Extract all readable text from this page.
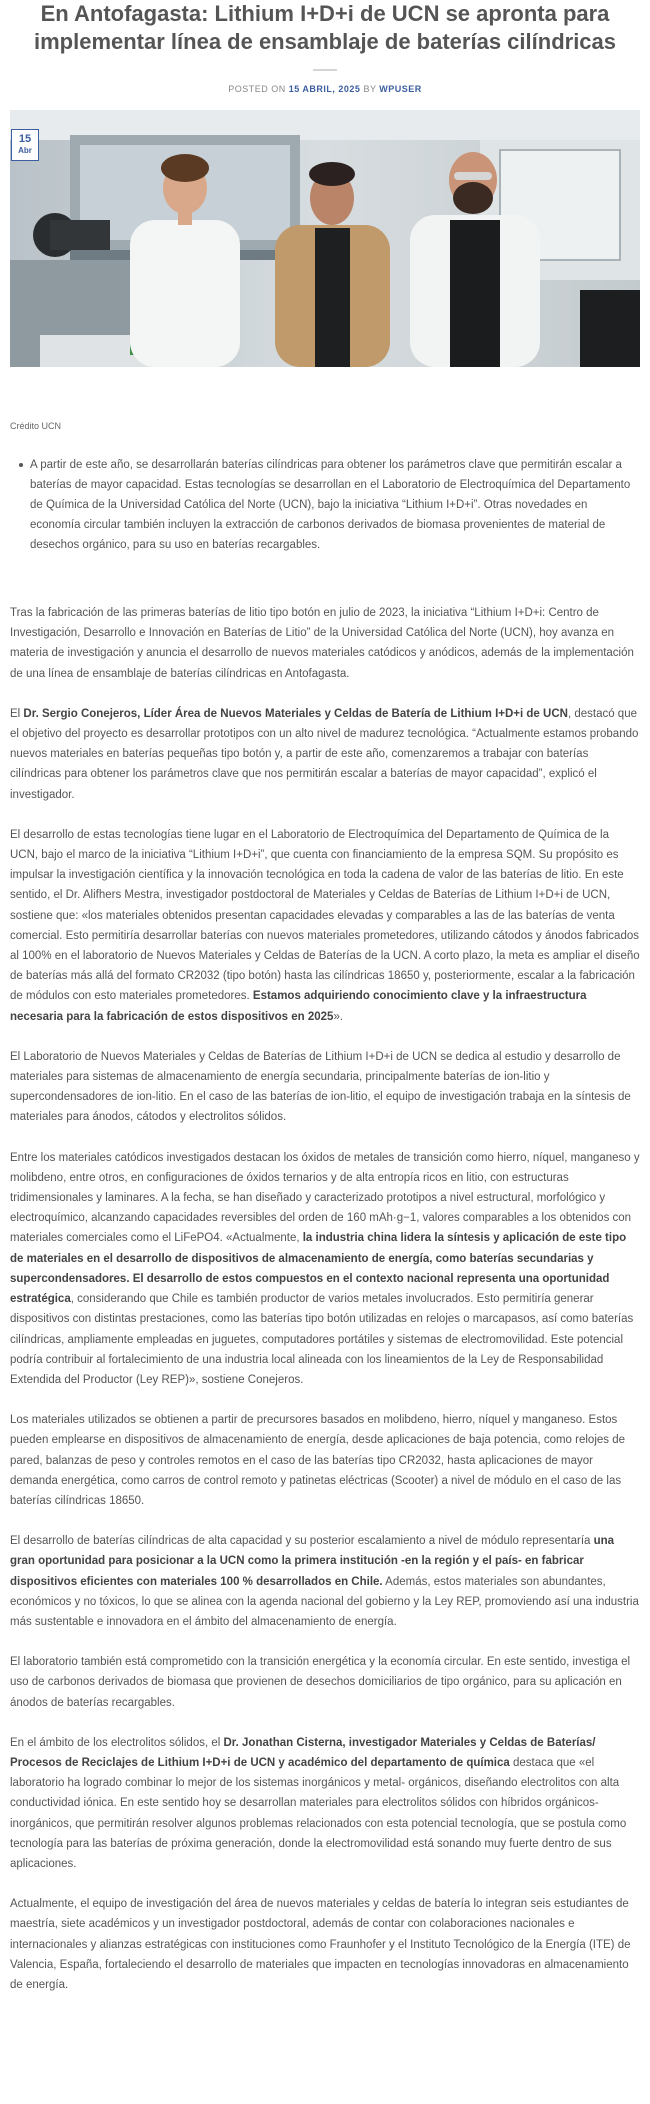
En Antofagasta: Lithium I+D+i de UCN se apronta para implementar línea de ensamblaje de baterías cilíndricas
POSTED ON 15 ABRIL, 2025 BY WPUSER
15
Abr

Crédito UCN

A partir de este año, se desarrollarán baterías cilíndricas para obtener los parámetros clave que permitirán escalar a baterías de mayor capacidad. Estas tecnologías se desarrollan en el Laboratorio de Electroquímica del Departamento de Química de la Universidad Católica del Norte (UCN), bajo la iniciativa “Lithium I+D+i”. Otras novedades en economía circular también incluyen la extracción de carbonos derivados de biomasa provenientes de material de desechos orgánico, para su uso en baterías recargables.

Tras la fabricación de las primeras baterías de litio tipo botón en julio de 2023, la iniciativa “Lithium I+D+i: Centro de Investigación, Desarrollo e Innovación en Baterías de Litio” de la Universidad Católica del Norte (UCN), hoy avanza en materia de investigación y anuncia el desarrollo de nuevos materiales catódicos y anódicos, además de la implementación de una línea de ensamblaje de baterías cilíndricas en Antofagasta.

El Dr. Sergio Conejeros, Líder Área de Nuevos Materiales y Celdas de Batería de Lithium I+D+i de UCN, destacó que el objetivo del proyecto es desarrollar prototipos con un alto nivel de madurez tecnológica. “Actualmente estamos probando nuevos materiales en baterías pequeñas tipo botón y, a partir de este año, comenzaremos a trabajar con baterías cilíndricas para obtener los parámetros clave que nos permitirán escalar a baterías de mayor capacidad”, explicó el investigador.

El desarrollo de estas tecnologías tiene lugar en el Laboratorio de Electroquímica del Departamento de Química de la UCN, bajo el marco de la iniciativa “Lithium I+D+i”, que cuenta con financiamiento de la empresa SQM. Su propósito es impulsar la investigación científica y la innovación tecnológica en toda la cadena de valor de las baterías de litio. En este sentido, el Dr. Alifhers Mestra, investigador postdoctoral de Materiales y Celdas de Baterías de Lithium I+D+i de UCN, sostiene que: «los materiales obtenidos presentan capacidades elevadas y comparables a las de las baterías de venta comercial. Esto permitiría desarrollar baterías con nuevos materiales prometedores, utilizando cátodos y ánodos fabricados al 100% en el laboratorio de Nuevos Materiales y Celdas de Baterías de la UCN. A corto plazo, la meta es ampliar el diseño de baterías más allá del formato CR2032 (tipo botón) hasta las cilíndricas 18650 y, posteriormente, escalar a la fabricación de módulos con esto materiales prometedores. Estamos adquiriendo conocimiento clave y la infraestructura necesaria para la fabricación de estos dispositivos en 2025».

El Laboratorio de Nuevos Materiales y Celdas de Baterías de Lithium I+D+i de UCN se dedica al estudio y desarrollo de materiales para sistemas de almacenamiento de energía secundaria, principalmente baterías de ion-litio y supercondensadores de ion-litio. En el caso de las baterías de ion-litio, el equipo de investigación trabaja en la síntesis de materiales para ánodos, cátodos y electrolitos sólidos.

Entre los materiales catódicos investigados destacan los óxidos de metales de transición como hierro, níquel, manganeso y molibdeno, entre otros, en configuraciones de óxidos ternarios y de alta entropía ricos en litio, con estructuras tridimensionales y laminares. A la fecha, se han diseñado y caracterizado prototipos a nivel estructural, morfológico y electroquímico, alcanzando capacidades reversibles del orden de 160 mAh·g−1, valores comparables a los obtenidos con materiales comerciales como el LiFePO4. «Actualmente, la industria china lidera la síntesis y aplicación de este tipo de materiales en el desarrollo de dispositivos de almacenamiento de energía, como baterías secundarias y supercondensadores. El desarrollo de estos compuestos en el contexto nacional representa una oportunidad estratégica, considerando que Chile es también productor de varios metales involucrados. Esto permitiría generar dispositivos con distintas prestaciones, como las baterías tipo botón utilizadas en relojes o marcapasos, así como baterías cilíndricas, ampliamente empleadas en juguetes, computadores portátiles y sistemas de electromovilidad. Este potencial podría contribuir al fortalecimiento de una industria local alineada con los lineamientos de la Ley de Responsabilidad Extendida del Productor (Ley REP)», sostiene Conejeros.

Los materiales utilizados se obtienen a partir de precursores basados en molibdeno, hierro, níquel y manganeso. Estos pueden emplearse en dispositivos de almacenamiento de energía, desde aplicaciones de baja potencia, como relojes de pared, balanzas de peso y controles remotos en el caso de las baterías tipo CR2032, hasta aplicaciones de mayor demanda energética, como carros de control remoto y patinetas eléctricas (Scooter) a nivel de módulo en el caso de las baterías cilíndricas 18650.

El desarrollo de baterías cilíndricas de alta capacidad y su posterior escalamiento a nivel de módulo representaría una gran oportunidad para posicionar a la UCN como la primera institución -en la región y el país- en fabricar dispositivos eficientes con materiales 100 % desarrollados en Chile. Además, estos materiales son abundantes, económicos y no tóxicos, lo que se alinea con la agenda nacional del gobierno y la Ley REP, promoviendo así una industria más sustentable e innovadora en el ámbito del almacenamiento de energía.

El laboratorio también está comprometido con la transición energética y la economía circular. En este sentido, investiga el uso de carbonos derivados de biomasa que provienen de desechos domiciliarios de tipo orgánico, para su aplicación en ánodos de baterías recargables.

En el ámbito de los electrolitos sólidos, el Dr. Jonathan Cisterna, investigador Materiales y Celdas de Baterías/ Procesos de Reciclajes de Lithium I+D+i de UCN y académico del departamento de química destaca que «el laboratorio ha logrado combinar lo mejor de los sistemas inorgánicos y metal- orgánicos, diseñando electrolitos con alta conductividad iónica. En este sentido hoy se desarrollan materiales para electrolitos sólidos con híbridos orgánicos-inorgánicos, que permitirán resolver algunos problemas relacionados con esta potencial tecnología, que se postula como tecnología para las baterías de próxima generación, donde la electromovilidad está sonando muy fuerte dentro de sus aplicaciones.

Actualmente, el equipo de investigación del área de nuevos materiales y celdas de batería lo integran seis estudiantes de maestría, siete académicos y un investigador postdoctoral, además de contar con colaboraciones nacionales e internacionales y alianzas estratégicas con instituciones como Fraunhofer y el Instituto Tecnológico de la Energía (ITE) de Valencia, España, fortaleciendo el desarrollo de materiales que impacten en tecnologías innovadoras en almacenamiento de energía.
